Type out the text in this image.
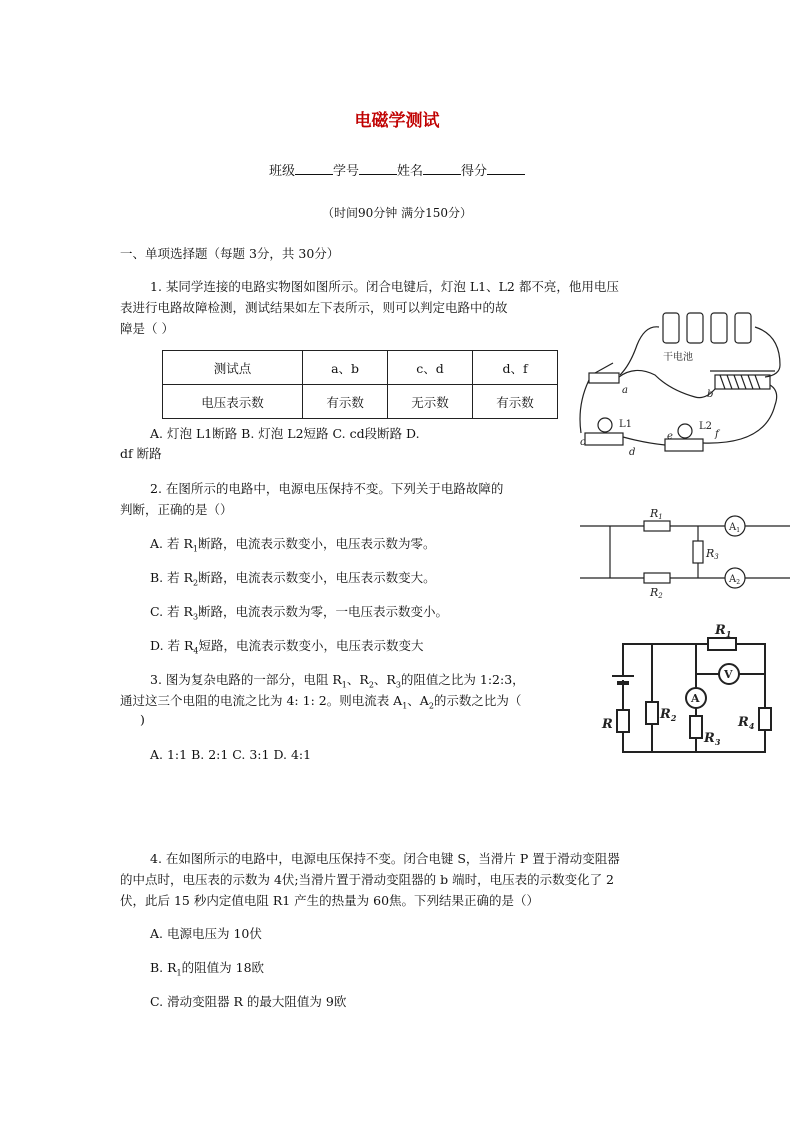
电磁学测试
班级	学号	姓名	得分
（时间90分钟 满分150分）
一、单项选择题（每题 3分，共 30分）
1. 某同学连接的电路实物图如图所示。闭合电键后，灯泡 L1、L2 都不亮，他用电压
表进行电路故障检测，测试结果如左下表所示，则可以判定电路中的故
障是（ ）
测试点	a、b	c、d	d、f
电压表示数	有示数	无示数	有示数
A. 灯泡 L1断路 B. 灯泡 L2短路 C. cd段断路 D.
df 断路
干电池
a	b
c
d
e	f
L1	L2
2. 在图所示的电路中，电源电压保持不变。下列关于电路故障的
判断，正确的是（）
A. 若 $R_1$断路，电流表示数变小，电压表示数为零。
B. 若 $R_2$断路，电流表示数变小，电压表示数变大。
C. 若 $R_3$断路，电流表示数为零，一电压表示数变小。
D. 若 $R_4$短路，电流表示数变小，电压表示数变大
R1
R2
R3
$A_1$
$A_2$
3. 图为复杂电路的一部分，电阻 $R_1$、$R_2$、$R_3$的阻值之比为 1:2:3，
通过这三个电阻的电流之比为 4: 1: 2。则电流表 $A_1$、$A_2$的示数之比为（
)
A. 1:1 B. 2:1 C. 3:1 D. 4:1
R
$R_1$
$R_2$
$R_3$
$R_4$
A
V
4. 在如图所示的电路中，电源电压保持不变。闭合电键 S，当滑片 P 置于滑动变阻器
的中点时，电压表的示数为 4伏;当滑片置于滑动变阻器的 b 端时，电压表的示数变化了 2
伏，此后 15 秒内定值电阻 R1 产生的热量为 60焦。下列结果正确的是（）
A. 电源电压为 10伏
B. $R_1$的阻值为 18欧
C. 滑动变阻器 R 的最大阻值为 9欧
